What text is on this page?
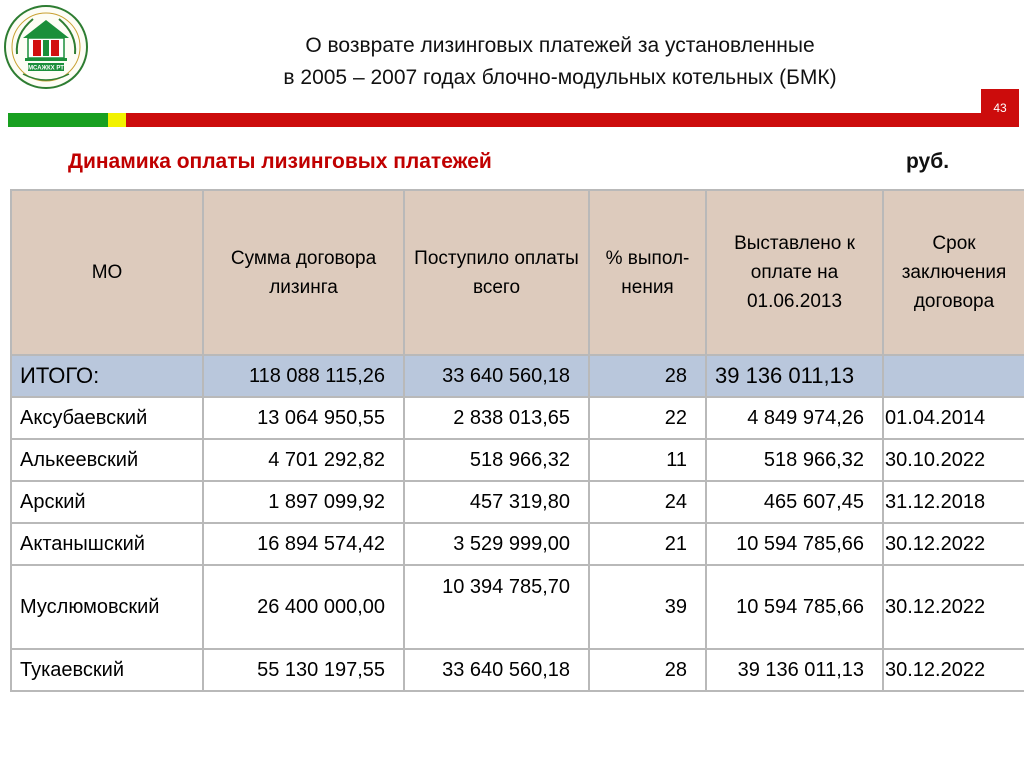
МСАЖКХ РТ
О возврате лизинговых платежей за установленные
в 2005 – 2007 годах блочно-модульных котельных (БМК)
43
Динамика оплаты лизинговых платежей	руб.
МО	Сумма договора лизинга	Поступило оплаты всего	% выпол-нения	Выставлено к оплате на 01.06.2013	Срок заключения договора
ИТОГО:	118 088 115,26	33 640 560,18	28	39 136 011,13	
Аксубаевский	13 064 950,55	2 838 013,65	22	4 849 974,26	01.04.2014
Алькеевский	4 701 292,82	518 966,32	11	518 966,32	30.10.2022
Арский	1 897 099,92	457 319,80	24	465 607,45	31.12.2018
Актанышский	16 894 574,42	3 529 999,00	21	10 594 785,66	30.12.2022
Муслюмовский	26 400 000,00	10 394 785,70	39	10 594 785,66	30.12.2022
Тукаевский	55 130 197,55	33 640 560,18	28	39 136 011,13	30.12.2022
